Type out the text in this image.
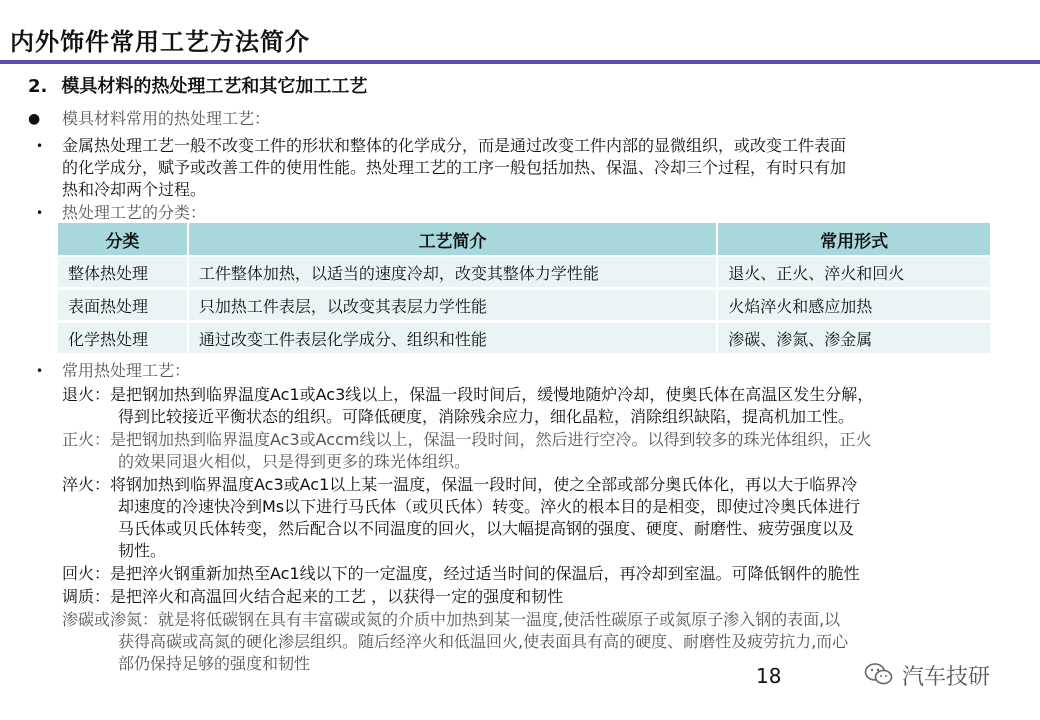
内外饰件常用工艺方法简介
2. 模具材料的热处理工艺和其它加工工艺
● 模具材料常用的热处理工艺：
• 金属热处理工艺一般不改变工件的形状和整体的化学成分，而是通过改变工件内部的显微组织，或改变工件表面
的化学成分，赋予或改善工件的使用性能。热处理工艺的工序一般包括加热、保温、冷却三个过程，有时只有加
热和冷却两个过程。
• 热处理工艺的分类：
分类	工艺简介	常用形式
整体热处理	工件整体加热，以适当的速度冷却，改变其整体力学性能	退火、正火、淬火和回火
表面热处理	只加热工件表层，以改变其表层力学性能	火焰淬火和感应加热
化学热处理	通过改变工件表层化学成分、组织和性能	渗碳、渗氮、渗金属
• 常用热处理工艺：
退火：是把钢加热到临界温度Ac1或Ac3线以上，保温一段时间后，缓慢地随炉冷却，使奥氏体在高温区发生分解，
得到比较接近平衡状态的组织。可降低硬度，消除残余应力，细化晶粒，消除组织缺陷，提高机加工性。
正火：是把钢加热到临界温度Ac3或Accm线以上，保温一段时间，然后进行空冷。以得到较多的珠光体组织，正火
的效果同退火相似，只是得到更多的珠光体组织。
淬火：将钢加热到临界温度Ac3或Ac1以上某一温度，保温一段时间，使之全部或部分奥氏体化，再以大于临界冷
却速度的冷速快冷到Ms以下进行马氏体（或贝氏体）转变。淬火的根本目的是相变，即使过冷奥氏体进行
马氏体或贝氏体转变，然后配合以不同温度的回火，以大幅提高钢的强度、硬度、耐磨性、疲劳强度以及
韧性。
回火：是把淬火钢重新加热至Ac1线以下的一定温度，经过适当时间的保温后，再冷却到室温。可降低钢件的脆性
调质：是把淬火和高温回火结合起来的工艺 ，以获得一定的强度和韧性
渗碳或渗氮：就是将低碳钢在具有丰富碳或氮的介质中加热到某一温度,使活性碳原子或氮原子渗入钢的表面,以
获得高碳或高氮的硬化渗层组织。随后经淬火和低温回火,使表面具有高的硬度、耐磨性及疲劳抗力,而心
部仍保持足够的强度和韧性
18	汽车技研
